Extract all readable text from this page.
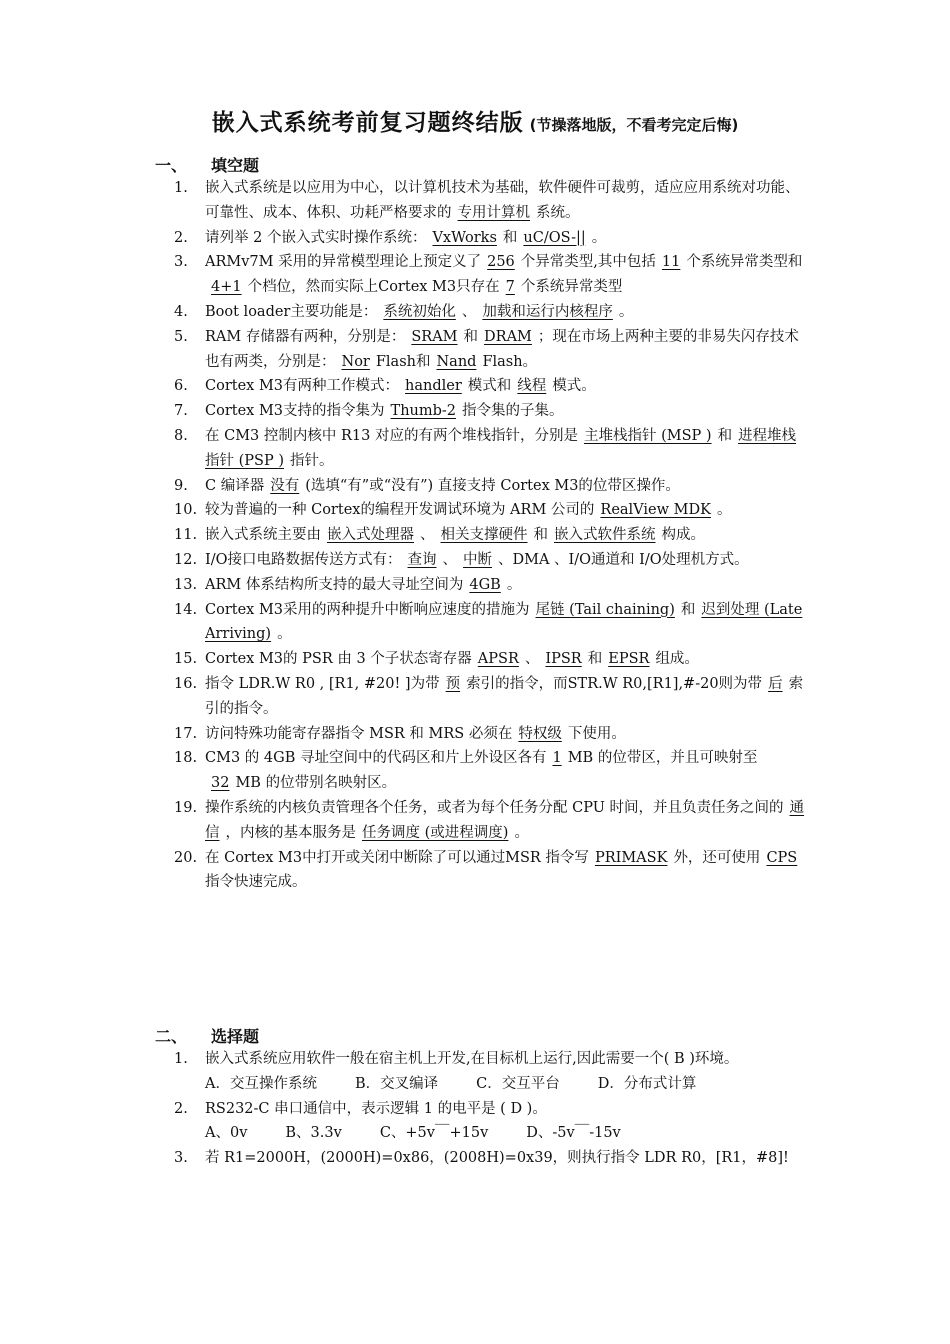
嵌入式系统考前复习题终结版 (节操落地版，不看考完定后悔)
一、 填空题
1.	嵌入式系统是以应用为中心，以计算机技术为基础，软件硬件可裁剪，适应应用系统对功能、可靠性、成本、体积、功耗严格要求的 专用计算机 系统。
2.	请列举 2 个嵌入式实时操作系统： VxWorks 和 uC/OS-|| 。
3.	ARMv7M 采用的异常模型理论上预定义了 256 个异常类型,其中包括 11 个系统异常类型和4+1 个档位，然而实际上Cortex M3只存在 7 个系统异常类型
4.	Boot loader主要功能是： 系统初始化 、 加载和运行内核程序 。
5.	RAM 存储器有两种，分别是： SRAM 和 DRAM ；现在市场上两种主要的非易失闪存技术也有两类，分别是： Nor Flash和 Nand Flash。
6.	Cortex M3有两种工作模式： handler 模式和 线程 模式。
7.	Cortex M3支持的指令集为 Thumb-2 指令集的子集。
8.	在 CM3 控制内核中 R13 对应的有两个堆栈指针，分别是 主堆栈指针 (MSP ) 和 进程堆栈指针 (PSP ) 指针。
9.	C 编译器 没有 (选填“有”或“没有”) 直接支持 Cortex M3的位带区操作。
10. 较为普遍的一种 Cortex的编程开发调试环境为 ARM 公司的 RealView MDK 。
11. 嵌入式系统主要由 嵌入式处理器 、 相关支撑硬件 和 嵌入式软件系统 构成。
12. I/O接口电路数据传送方式有： 查询 、 中断 、DMA 、I/O通道和 I/O处理机方式。
13. ARM 体系结构所支持的最大寻址空间为 4GB 。
14. Cortex M3采用的两种提升中断响应速度的措施为 尾链 (Tail chaining) 和 迟到处理 (Late Arriving) 。
15. Cortex M3的 PSR 由 3 个子状态寄存器 APSR 、 IPSR 和 EPSR 组成。
16. 指令 LDR.W R0 , [R1, #20! ]为带 预 索引的指令，而STR.W R0,[R1],#-20则为带 后 索引的指令。
17. 访问特殊功能寄存器指令 MSR 和 MRS 必须在 特权级 下使用。
18. CM3 的 4GB 寻址空间中的代码区和片上外设区各有 1 MB 的位带区，并且可映射至32 MB 的位带别名映射区。
19. 操作系统的内核负责管理各个任务，或者为每个任务分配 CPU 时间，并且负责任务之间的 通信 ，内核的基本服务是 任务调度 (或进程调度) 。
20. 在 Cortex M3中打开或关闭中断除了可以通过MSR 指令写 PRIMASK 外，还可使用 CPS指令快速完成。
二、 选择题
1.	嵌入式系统应用软件一般在宿主机上开发,在目标机上运行,因此需要一个( B )环境。
A．交互操作系统	B．交叉编译	C．交互平台	D．分布式计算
2.	RS232-C 串口通信中，表示逻辑 1 的电平是 ( D )。
A、0v	B、3.3v	C、+5v￣+15v	D、-5v￣-15v
3.	若 R1=2000H，(2000H)=0x86，(2008H)=0x39，则执行指令 LDR R0，[R1，#8]!
